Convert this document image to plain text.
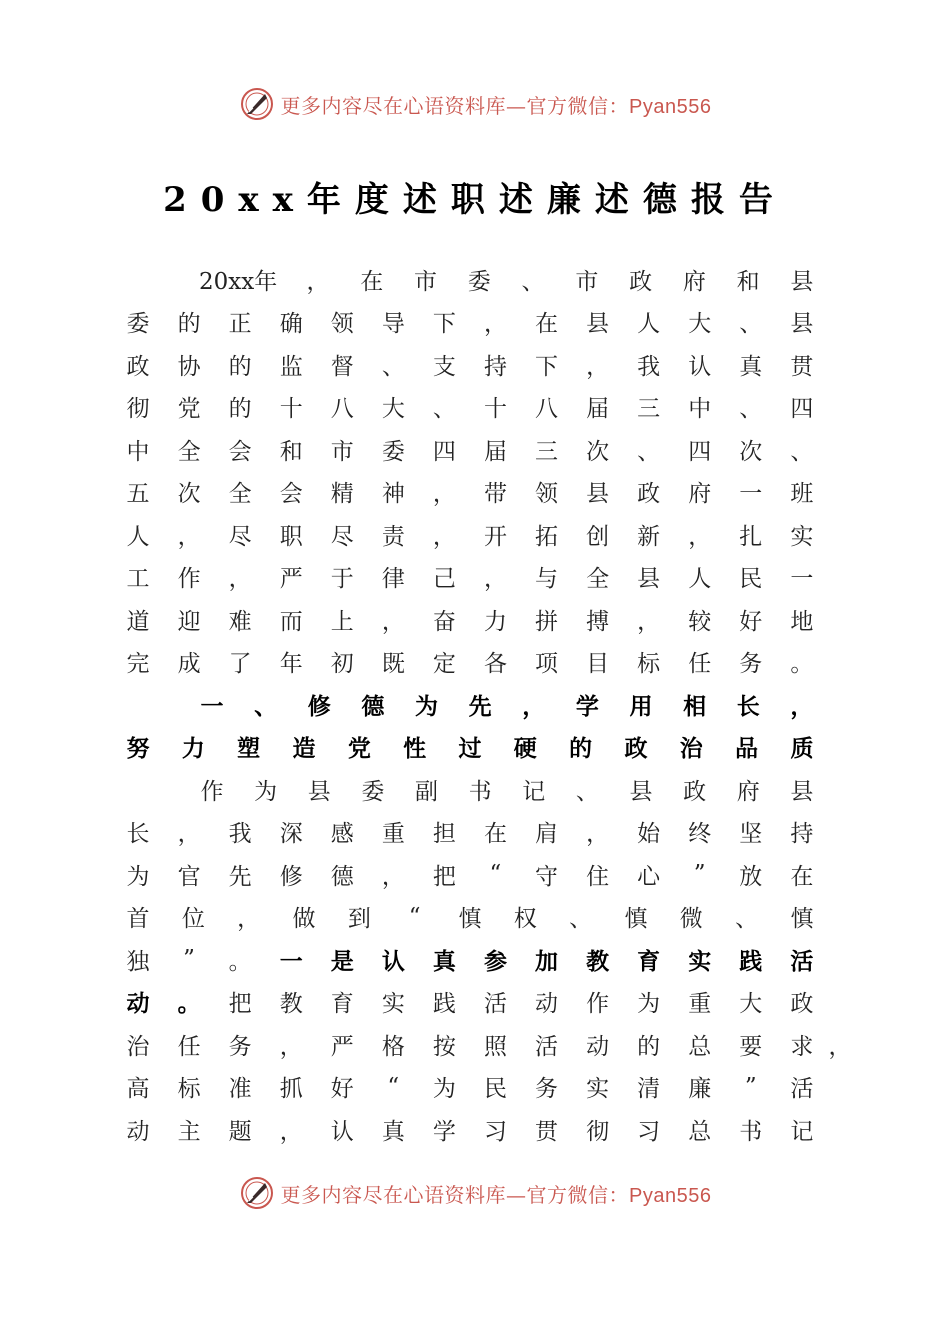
更多内容尽在心语资料库—官方微信：Pyan556
20xx年度述职述廉述德报告
20xx年 ， 在 市 委 、 市 政 府 和 县
委 的 正 确 领 导 下 ， 在 县 人 大 、 县
政 协 的 监 督 、 支 持 下 ， 我 认 真 贯
彻 党 的 十 八 大 、 十 八 届 三 中 、 四
中 全 会 和 市 委 四 届 三 次 、 四 次 、
五 次 全 会 精 神 ， 带 领 县 政 府 一 班
人 ， 尽 职 尽 责 ， 开 拓 创 新 ， 扎 实
工 作 ， 严 于 律 己 ， 与 全 县 人 民 一
道 迎 难 而 上 ， 奋 力 拼 搏 ， 较 好 地
完 成 了 年 初 既 定 各 项 目 标 任 务 。
一 、 修 德 为 先 ， 学 用 相 长 ，
努 力 塑 造 党 性 过 硬 的 政 治 品 质
作 为 县 委 副 书 记 、 县 政 府 县
长 ， 我 深 感 重 担 在 肩 ， 始 终 坚 持
为 官 先 修 德 ， 把	“	守 住 心	”	放 在
首 位 ， 做 到	“	慎 权 、 慎 微 、 慎
独	”	。 一 是 认 真 参 加 教 育 实 践 活
动 。 把 教 育 实 践 活 动 作 为 重 大 政
治 任 务 ， 严 格 按 照 活 动 的 总 要 求 ，
高 标 准 抓 好	“	为 民 务 实 清 廉	”	活
动 主 题 ， 认 真 学 习 贯 彻 习 总 书 记
更多内容尽在心语资料库—官方微信：Pyan556
